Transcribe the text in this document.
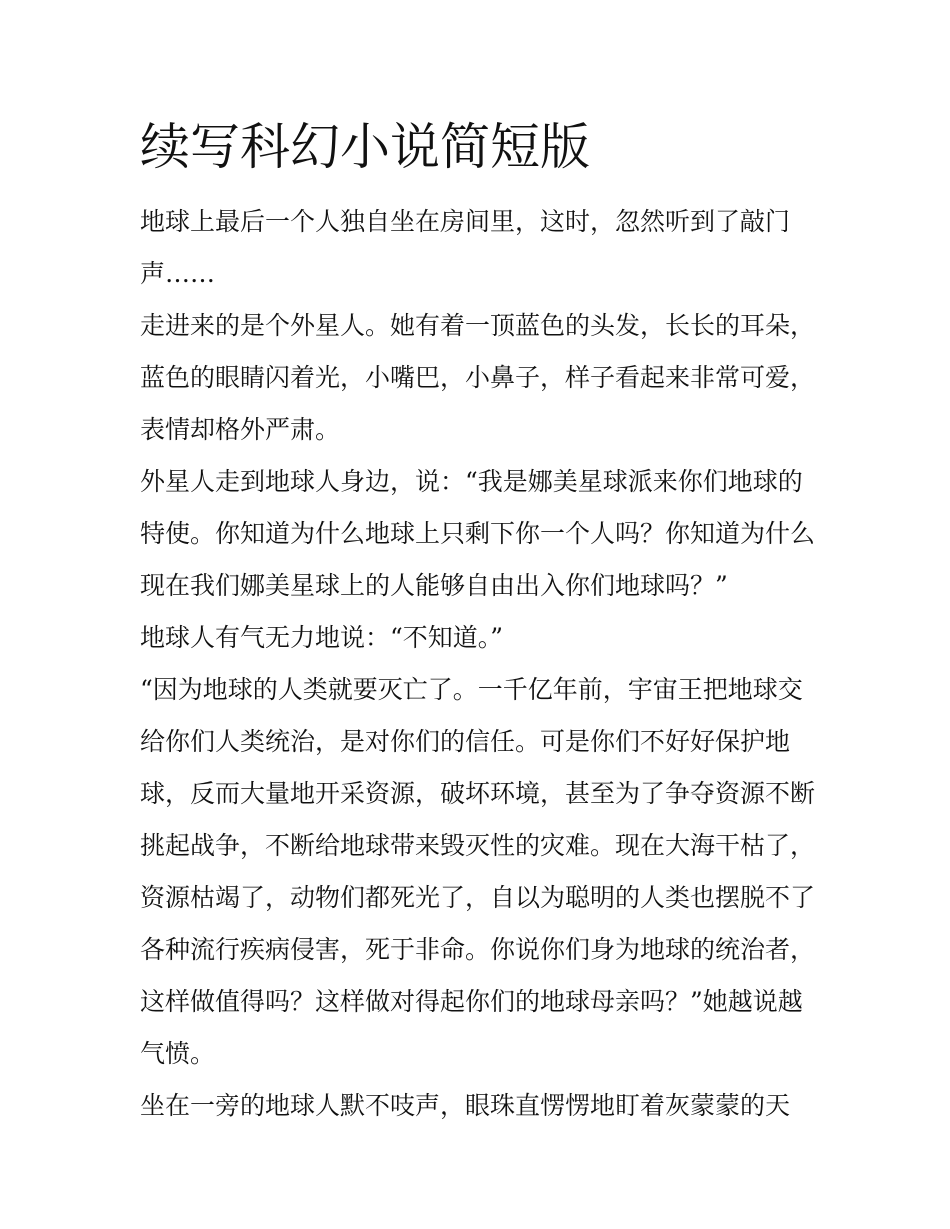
续写科幻小说简短版
地球上最后一个人独自坐在房间里，这时，忽然听到了敲门
声……
走进来的是个外星人。她有着一顶蓝色的头发，长长的耳朵，
蓝色的眼睛闪着光，小嘴巴，小鼻子，样子看起来非常可爱，
表情却格外严肃。
外星人走到地球人身边，说：“我是娜美星球派来你们地球的
特使。你知道为什么地球上只剩下你一个人吗？你知道为什么
现在我们娜美星球上的人能够自由出入你们地球吗？”
地球人有气无力地说：“不知道。”
“因为地球的人类就要灭亡了。一千亿年前，宇宙王把地球交
给你们人类统治，是对你们的信任。可是你们不好好保护地
球，反而大量地开采资源，破坏环境，甚至为了争夺资源不断
挑起战争，不断给地球带来毁灭性的灾难。现在大海干枯了，
资源枯竭了，动物们都死光了，自以为聪明的人类也摆脱不了
各种流行疾病侵害，死于非命。你说你们身为地球的统治者，
这样做值得吗？这样做对得起你们的地球母亲吗？”她越说越
气愤。
坐在一旁的地球人默不吱声，眼珠直愣愣地盯着灰蒙蒙的天
